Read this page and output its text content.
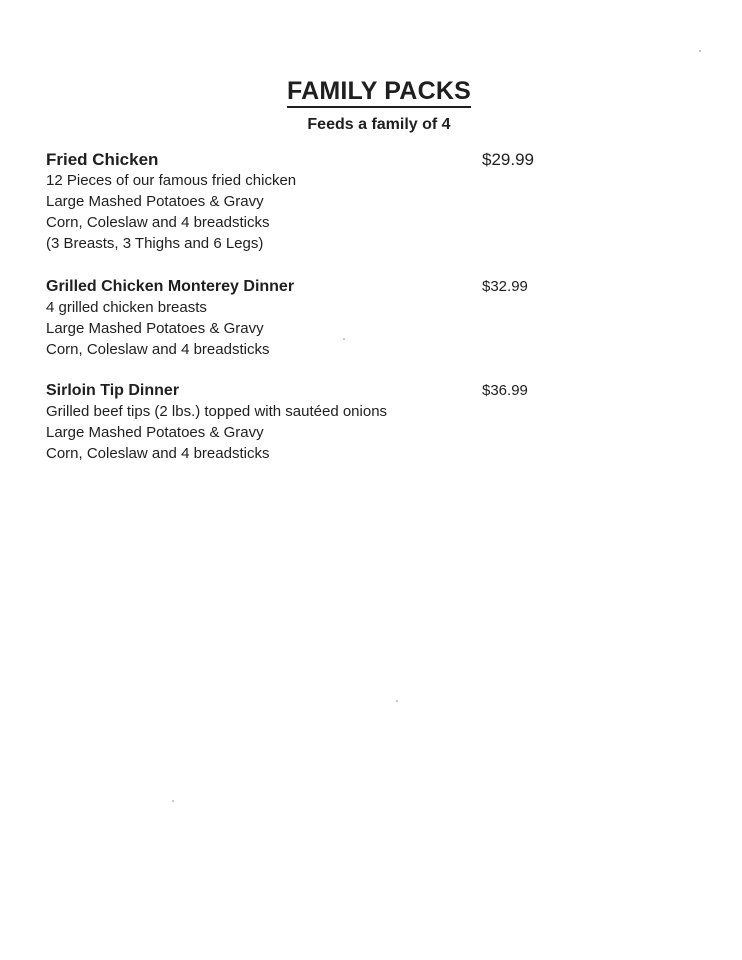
FAMILY PACKS
Feeds a family of 4
Fried Chicken
12 Pieces of our famous fried chicken
Large Mashed Potatoes & Gravy
Corn, Coleslaw and 4 breadsticks
(3 Breasts, 3 Thighs and 6 Legs)
$29.99
Grilled Chicken Monterey Dinner
4 grilled chicken breasts
Large Mashed Potatoes & Gravy
Corn, Coleslaw and 4 breadsticks
$32.99
Sirloin Tip Dinner
Grilled beef tips (2 lbs.) topped with sautéed onions
Large Mashed Potatoes & Gravy
Corn, Coleslaw and 4 breadsticks
$36.99
